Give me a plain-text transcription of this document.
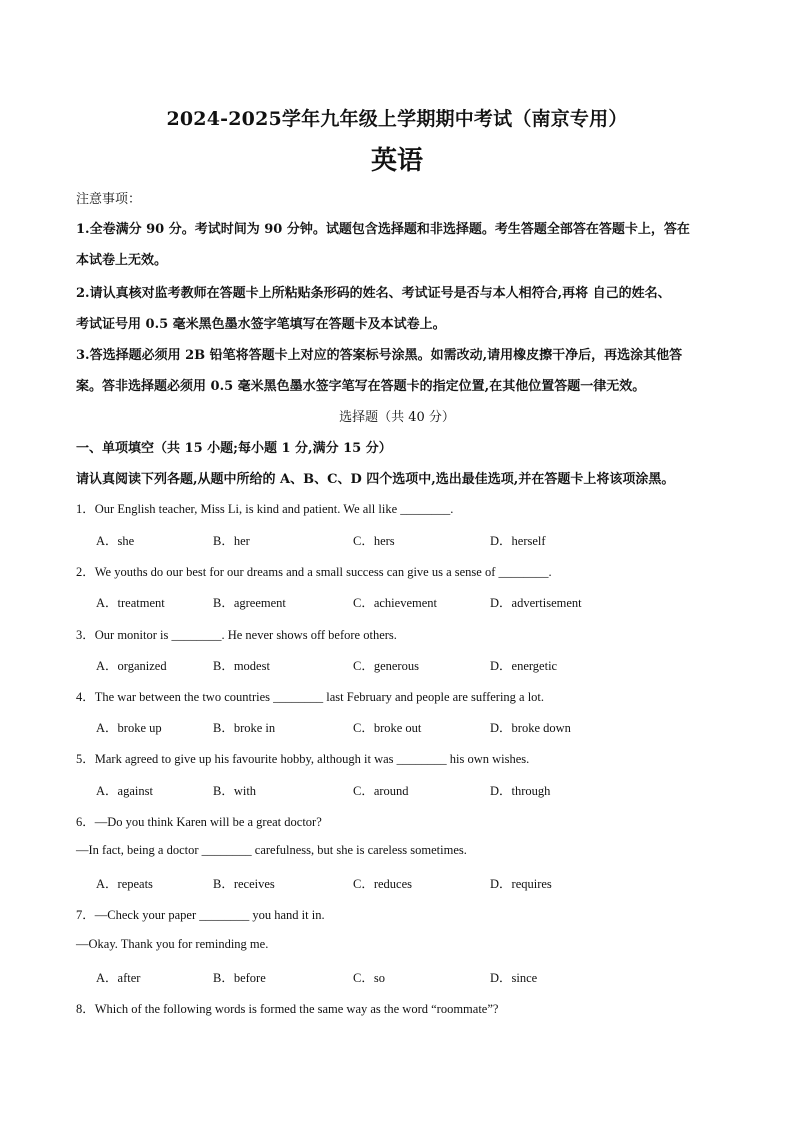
2024-2025学年九年级上学期期中考试（南京专用）
英语
注意事项：
1.全卷满分 90 分。考试时间为 90 分钟。试题包含选择题和非选择题。考生答题全部答在答题卡上，答在
本试卷上无效。
2.请认真核对监考教师在答题卡上所粘贴条形码的姓名、考试证号是否与本人相符合,再将 自己的姓名、
考试证号用 0.5 毫米黑色墨水签字笔填写在答题卡及本试卷上。
3.答选择题必须用 2B 铅笔将答题卡上对应的答案标号涂黑。如需改动,请用橡皮擦干净后，再选涂其他答
案。答非选择题必须用 0.5 毫米黑色墨水签字笔写在答题卡的指定位置,在其他位置答题一律无效。
选择题（共 40 分）
一、单项填空（共 15 小题;每小题 1 分,满分 15 分）
请认真阅读下列各题,从题中所给的 A、B、C、D 四个选项中,选出最佳选项,并在答题卡上将该项涂黑。
1．Our English teacher, Miss Li, is kind and patient. We all like ________.
A．she	B．her	C．hers	D．herself
2．We youths do our best for our dreams and a small success can give us a sense of ________.
A．treatment	B．agreement	C．achievement	D．advertisement
3．Our monitor is ________. He never shows off before others.
A．organized	B．modest	C．generous	D．energetic
4．The war between the two countries ________ last February and people are suffering a lot.
A．broke up	B．broke in	C．broke out	D．broke down
5．Mark agreed to give up his favourite hobby, although it was ________ his own wishes.
A．against	B．with	C．around	D．through
6．—Do you think Karen will be a great doctor?
—In fact, being a doctor ________ carefulness, but she is careless sometimes.
A．repeats	B．receives	C．reduces	D．requires
7．—Check your paper ________ you hand it in.
—Okay. Thank you for reminding me.
A．after	B．before	C．so	D．since
8．Which of the following words is formed the same way as the word “roommate”?
